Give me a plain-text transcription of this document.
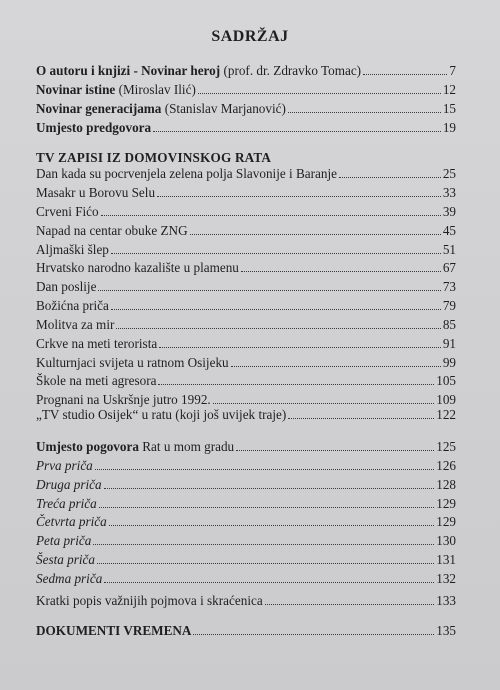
SADRŽAJ
O autoru i knjizi - Novinar heroj (prof. dr. Zdravko Tomac)	7
Novinar istine (Miroslav Ilić)	12
Novinar generacijama (Stanislav Marjanović)	15
Umjesto predgovora	19
TV ZAPISI IZ DOMOVINSKOG RATA
Dan kada su pocrvenjela zelena polja Slavonije i Baranje	25
Masakr u Borovu Selu	33
Crveni Fićo	39
Napad na centar obuke ZNG	45
Aljmaški šlep	51
Hrvatsko narodno kazalište u plamenu	67
Dan poslije	73
Božićna priča	79
Molitva za mir	85
Crkve na meti terorista	91
Kulturnjaci svijeta u ratnom Osijeku	99
Škole na meti agresora	105
Prognani na Uskršnje jutro 1992.	109
„TV studio Osijek“ u ratu (koji još uvijek traje)	122
Umjesto pogovora Rat u mom gradu	125
Prva priča	126
Druga priča	128
Treća priča	129
Četvrta priča	129
Peta priča	130
Šesta priča	131
Sedma priča	132
Kratki popis važnijih pojmova i skraćenica	133
DOKUMENTI VREMENA	135
